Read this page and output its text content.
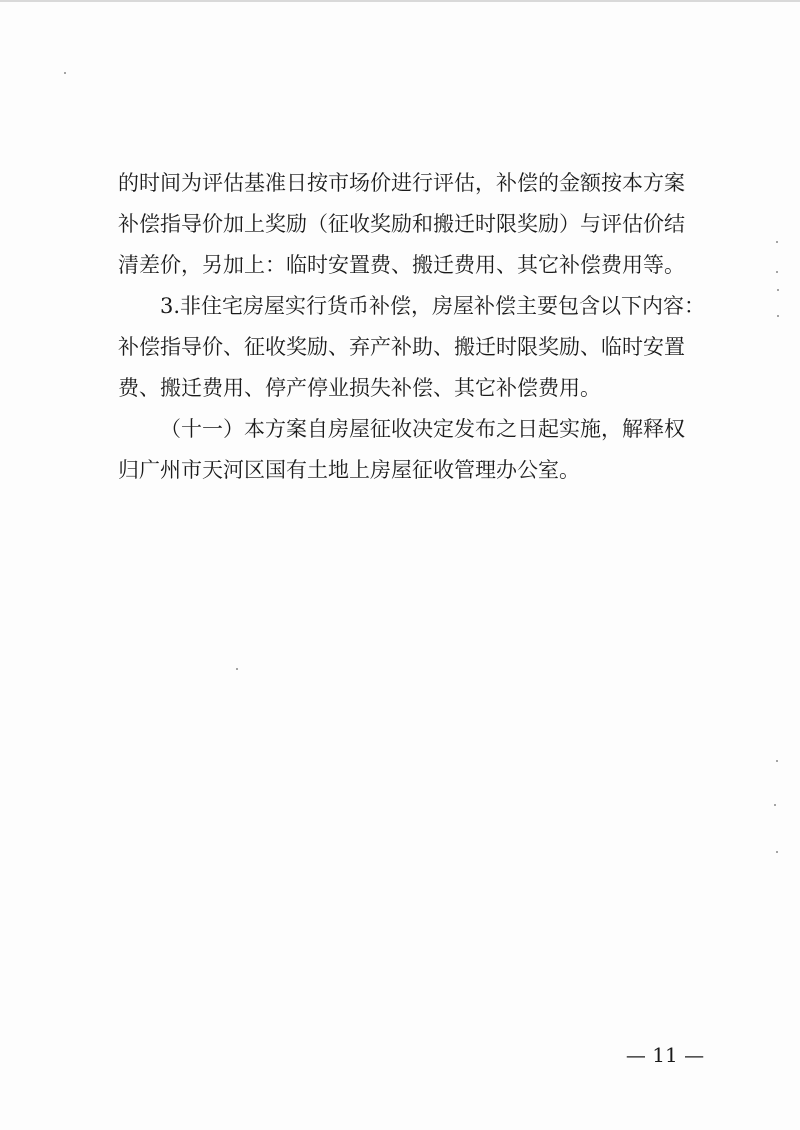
的时间为评估基准日按市场价进行评估，补偿的金额按本方案
补偿指导价加上奖励（征收奖励和搬迁时限奖励）与评估价结
清差价，另加上：临时安置费、搬迁费用、其它补偿费用等。
3.非住宅房屋实行货币补偿，房屋补偿主要包含以下内容：
补偿指导价、征收奖励、弃产补助、搬迁时限奖励、临时安置
费、搬迁费用、停产停业损失补偿、其它补偿费用。
（十一）本方案自房屋征收决定发布之日起实施，解释权
归广州市天河区国有土地上房屋征收管理办公室。
— 11 —
